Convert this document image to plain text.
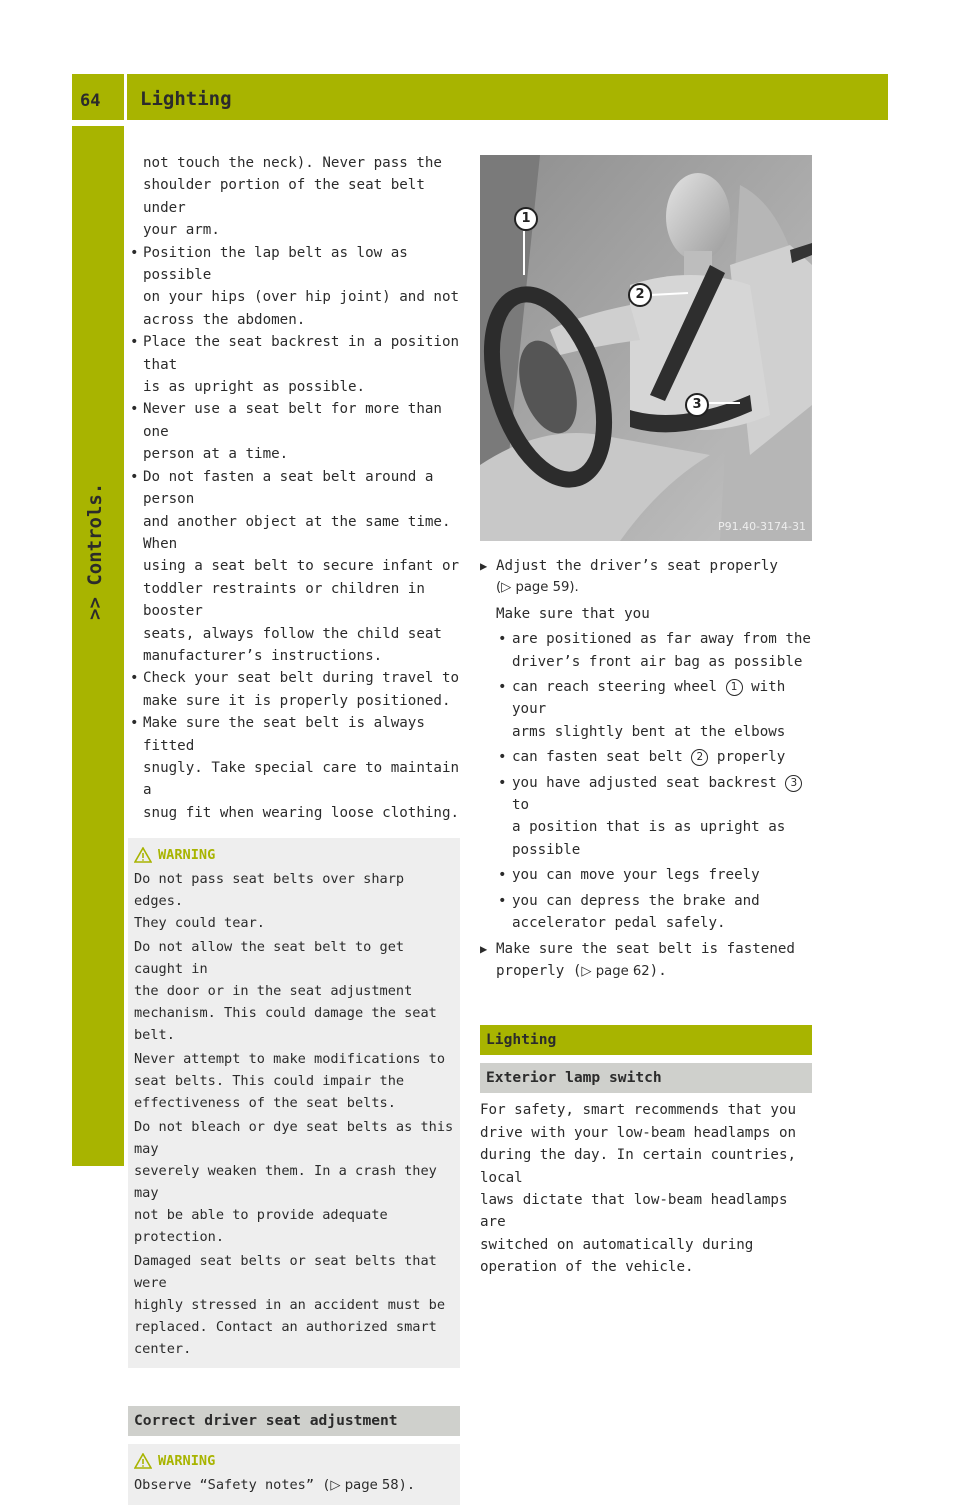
64 Lighting
>> Controls.

not touch the neck). Never pass the

shoulder portion of the seat belt under

your arm.

• Position the lap belt as low as possible

on your hips (over hip joint) and not

across the abdomen.

• Place the seat backrest in a position that

is as upright as possible.

• Never use a seat belt for more than one

person at a time.

• Do not fasten a seat belt around a person

and another object at the same time. When

using a seat belt to secure infant or

toddler restraints or children in booster

seats, always follow the child seat

manufacturer’s instructions.

• Check your seat belt during travel to

make sure it is properly positioned.

• Make sure the seat belt is always fitted

snugly. Take special care to maintain a

snug fit when wearing loose clothing.

WARNING

Do not pass seat belts over sharp edges.
They could tear.

Do not allow the seat belt to get caught in
the door or in the seat adjustment
mechanism. This could damage the seat
belt.

Never attempt to make modifications to
seat belts. This could impair the
effectiveness of the seat belts.

Do not bleach or dye seat belts as this may
severely weaken them. In a crash they may
not be able to provide adequate protection.

Damaged seat belts or seat belts that were
highly stressed in an accident must be
replaced. Contact an authorized smart
center.

Correct driver seat adjustment
WARNING

Observe “Safety notes” (▷ page 58).

1
2
3
P91.40-3174-31
▶ Adjust the driver’s seat properly

(▷ page 59).

Make sure that you

• are positioned as far away from the

driver’s front air bag as possible

• can reach steering wheel 1 with your

arms slightly bent at the elbows

• can fasten seat belt 2 properly

• you have adjusted seat backrest 3 to

a position that is as upright as

possible

• you can move your legs freely

• you can depress the brake and

accelerator pedal safely.

▶ Make sure the seat belt is fastened

properly (▷ page 62).

Lighting
Exterior lamp switch

For safety, smart recommends that you

drive with your low-beam headlamps on

during the day. In certain countries, local

laws dictate that low-beam headlamps are

switched on automatically during

operation of the vehicle.
